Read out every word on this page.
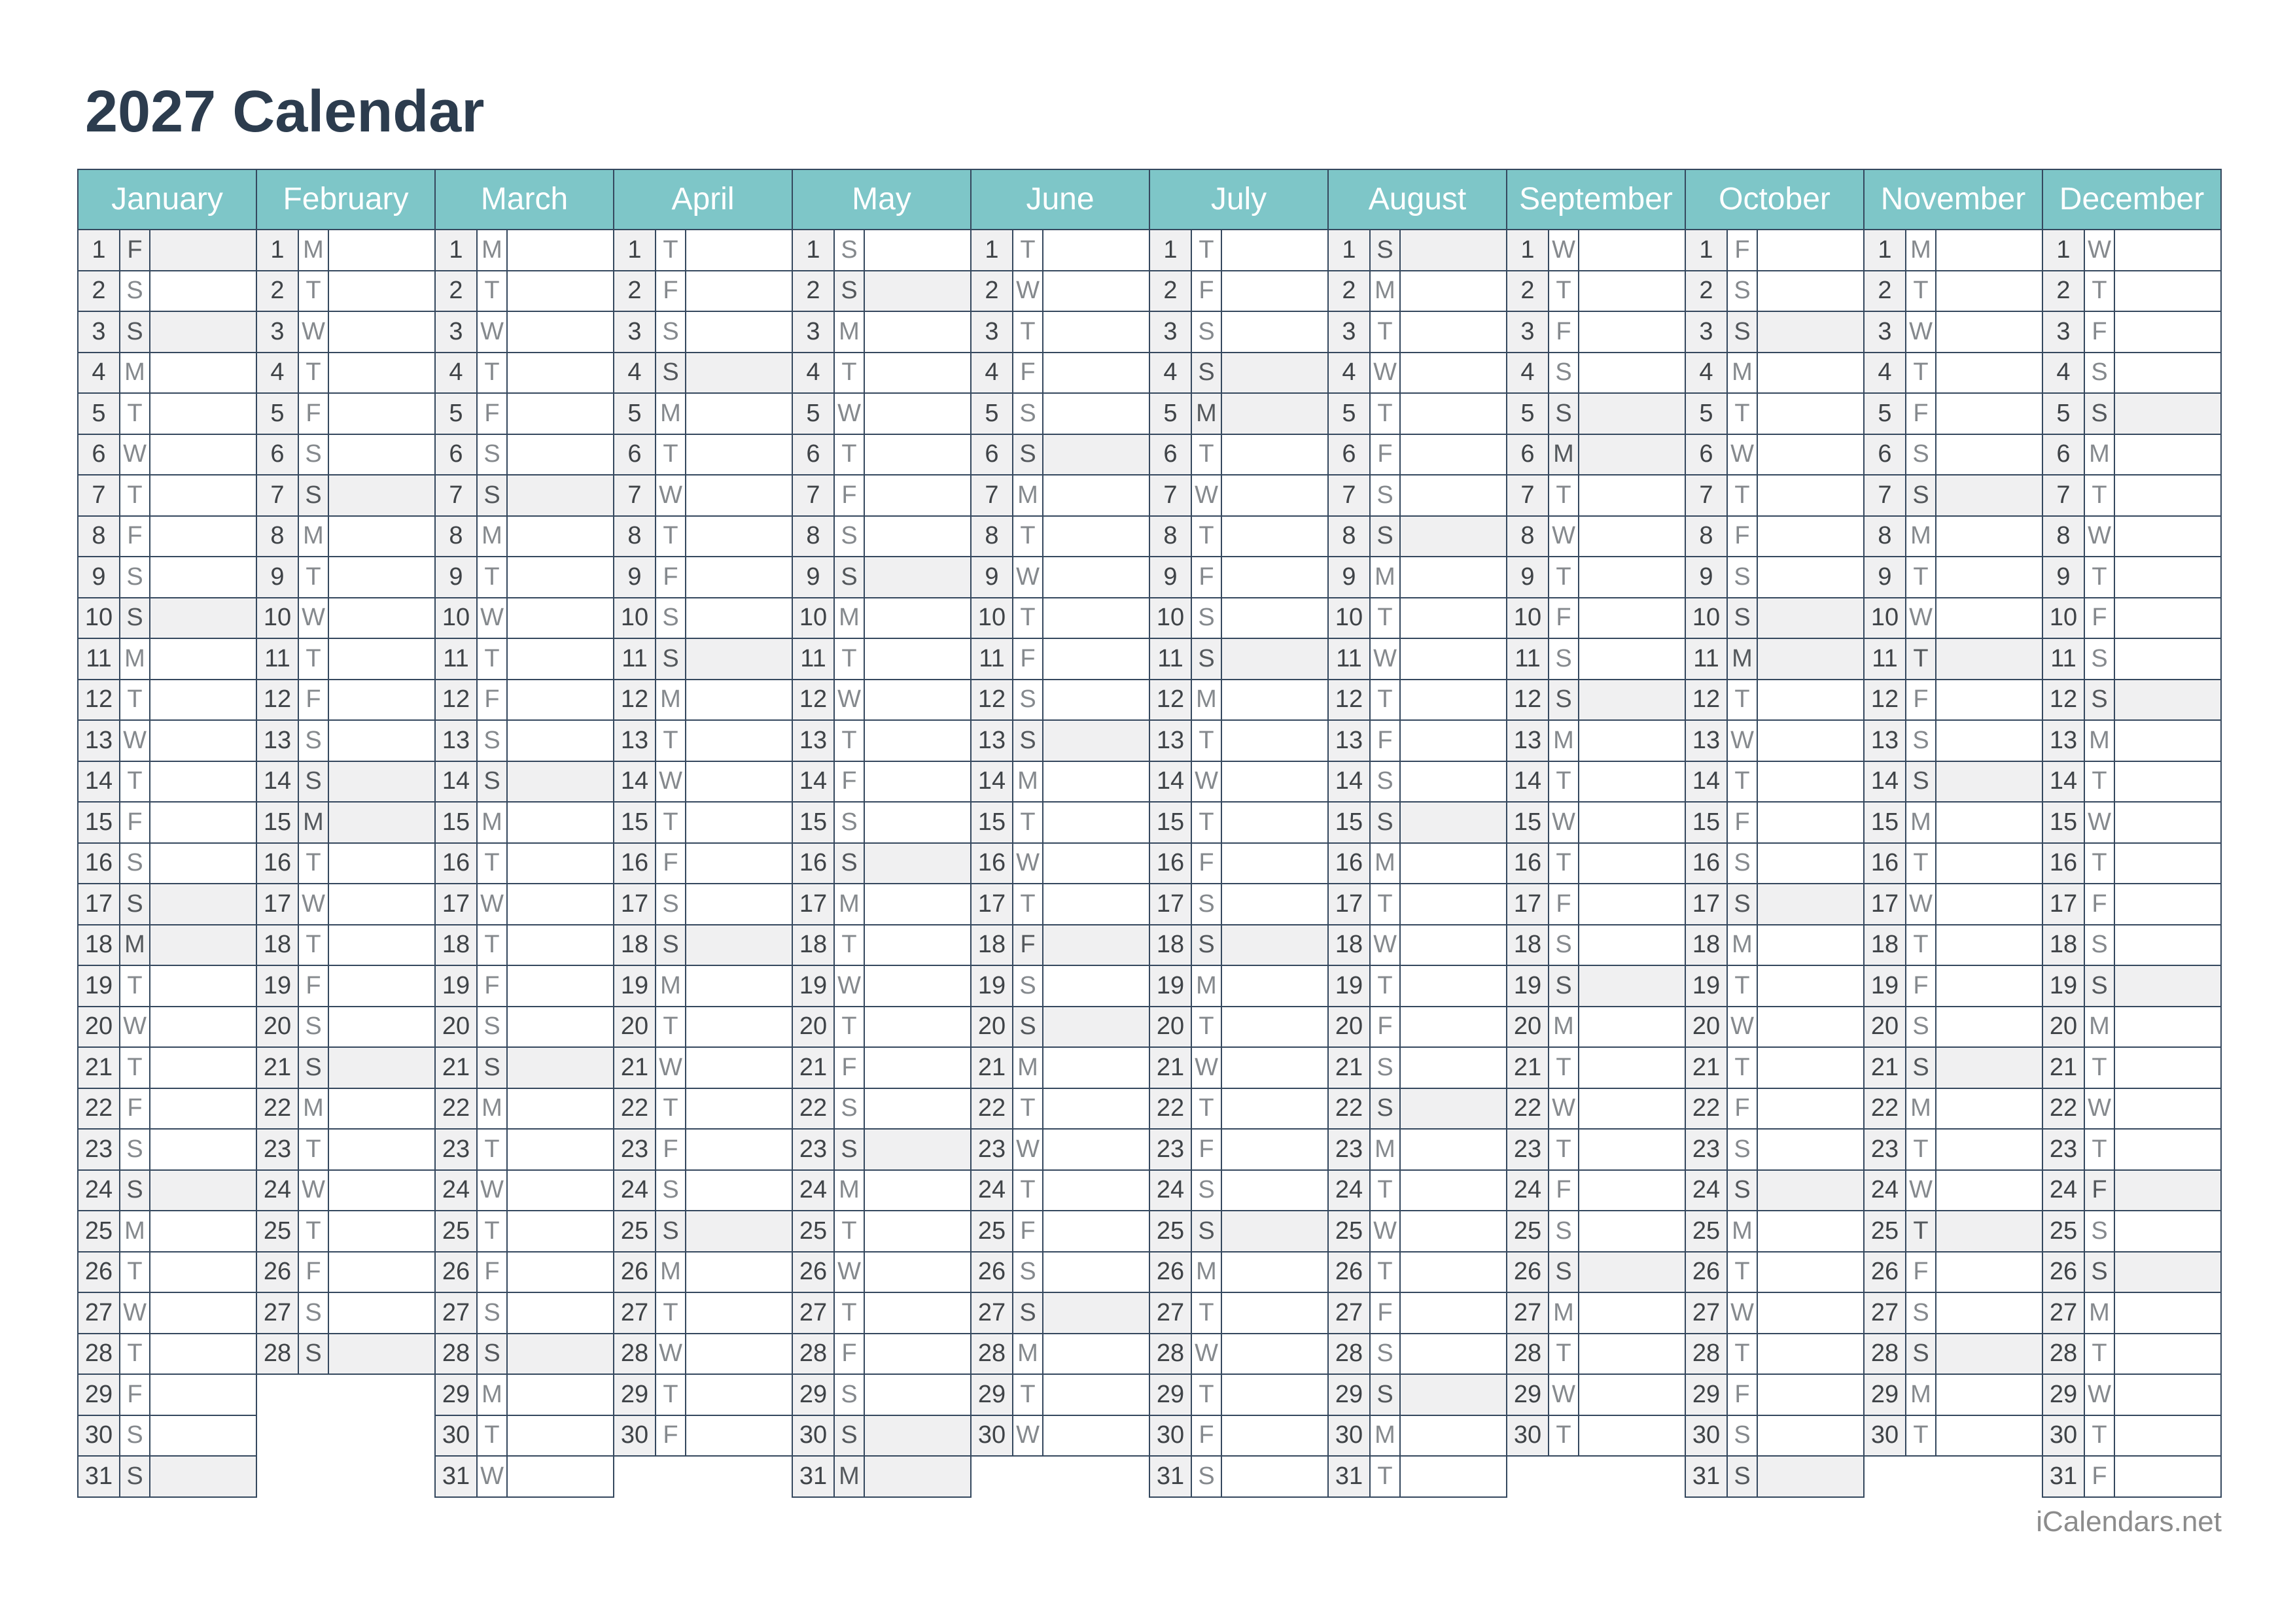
2027 Calendar
January
1 F
2 S
3 S
4 M
5 T
6 W
7 T
8 F
9 S
10 S
11 M
12 T
13 W
14 T
15 F
16 S
17 S
18 M
19 T
20 W
21 T
22 F
23 S
24 S
25 M
26 T
27 W
28 T
29 F
30 S
31 S
February
1 M
2 T
3 W
4 T
5 F
6 S
7 S
8 M
9 T
10 W
11 T
12 F
13 S
14 S
15 M
16 T
17 W
18 T
19 F
20 S
21 S
22 M
23 T
24 W
25 T
26 F
27 S
28 S
March
1 M
2 T
3 W
4 T
5 F
6 S
7 S
8 M
9 T
10 W
11 T
12 F
13 S
14 S
15 M
16 T
17 W
18 T
19 F
20 S
21 S
22 M
23 T
24 W
25 T
26 F
27 S
28 S
29 M
30 T
31 W
April
1 T
2 F
3 S
4 S
5 M
6 T
7 W
8 T
9 F
10 S
11 S
12 M
13 T
14 W
15 T
16 F
17 S
18 S
19 M
20 T
21 W
22 T
23 F
24 S
25 S
26 M
27 T
28 W
29 T
30 F
May
1 S
2 S
3 M
4 T
5 W
6 T
7 F
8 S
9 S
10 M
11 T
12 W
13 T
14 F
15 S
16 S
17 M
18 T
19 W
20 T
21 F
22 S
23 S
24 M
25 T
26 W
27 T
28 F
29 S
30 S
31 M
June
1 T
2 W
3 T
4 F
5 S
6 S
7 M
8 T
9 W
10 T
11 F
12 S
13 S
14 M
15 T
16 W
17 T
18 F
19 S
20 S
21 M
22 T
23 W
24 T
25 F
26 S
27 S
28 M
29 T
30 W
July
1 T
2 F
3 S
4 S
5 M
6 T
7 W
8 T
9 F
10 S
11 S
12 M
13 T
14 W
15 T
16 F
17 S
18 S
19 M
20 T
21 W
22 T
23 F
24 S
25 S
26 M
27 T
28 W
29 T
30 F
31 S
August
1 S
2 M
3 T
4 W
5 T
6 F
7 S
8 S
9 M
10 T
11 W
12 T
13 F
14 S
15 S
16 M
17 T
18 W
19 T
20 F
21 S
22 S
23 M
24 T
25 W
26 T
27 F
28 S
29 S
30 M
31 T
September
1 W
2 T
3 F
4 S
5 S
6 M
7 T
8 W
9 T
10 F
11 S
12 S
13 M
14 T
15 W
16 T
17 F
18 S
19 S
20 M
21 T
22 W
23 T
24 F
25 S
26 S
27 M
28 T
29 W
30 T
October
1 F
2 S
3 S
4 M
5 T
6 W
7 T
8 F
9 S
10 S
11 M
12 T
13 W
14 T
15 F
16 S
17 S
18 M
19 T
20 W
21 T
22 F
23 S
24 S
25 M
26 T
27 W
28 T
29 F
30 S
31 S
November
1 M
2 T
3 W
4 T
5 F
6 S
7 S
8 M
9 T
10 W
11 T
12 F
13 S
14 S
15 M
16 T
17 W
18 T
19 F
20 S
21 S
22 M
23 T
24 W
25 T
26 F
27 S
28 S
29 M
30 T
December
1 W
2 T
3 F
4 S
5 S
6 M
7 T
8 W
9 T
10 F
11 S
12 S
13 M
14 T
15 W
16 T
17 F
18 S
19 S
20 M
21 T
22 W
23 T
24 F
25 S
26 S
27 M
28 T
29 W
30 T
31 F
iCalendars.net
